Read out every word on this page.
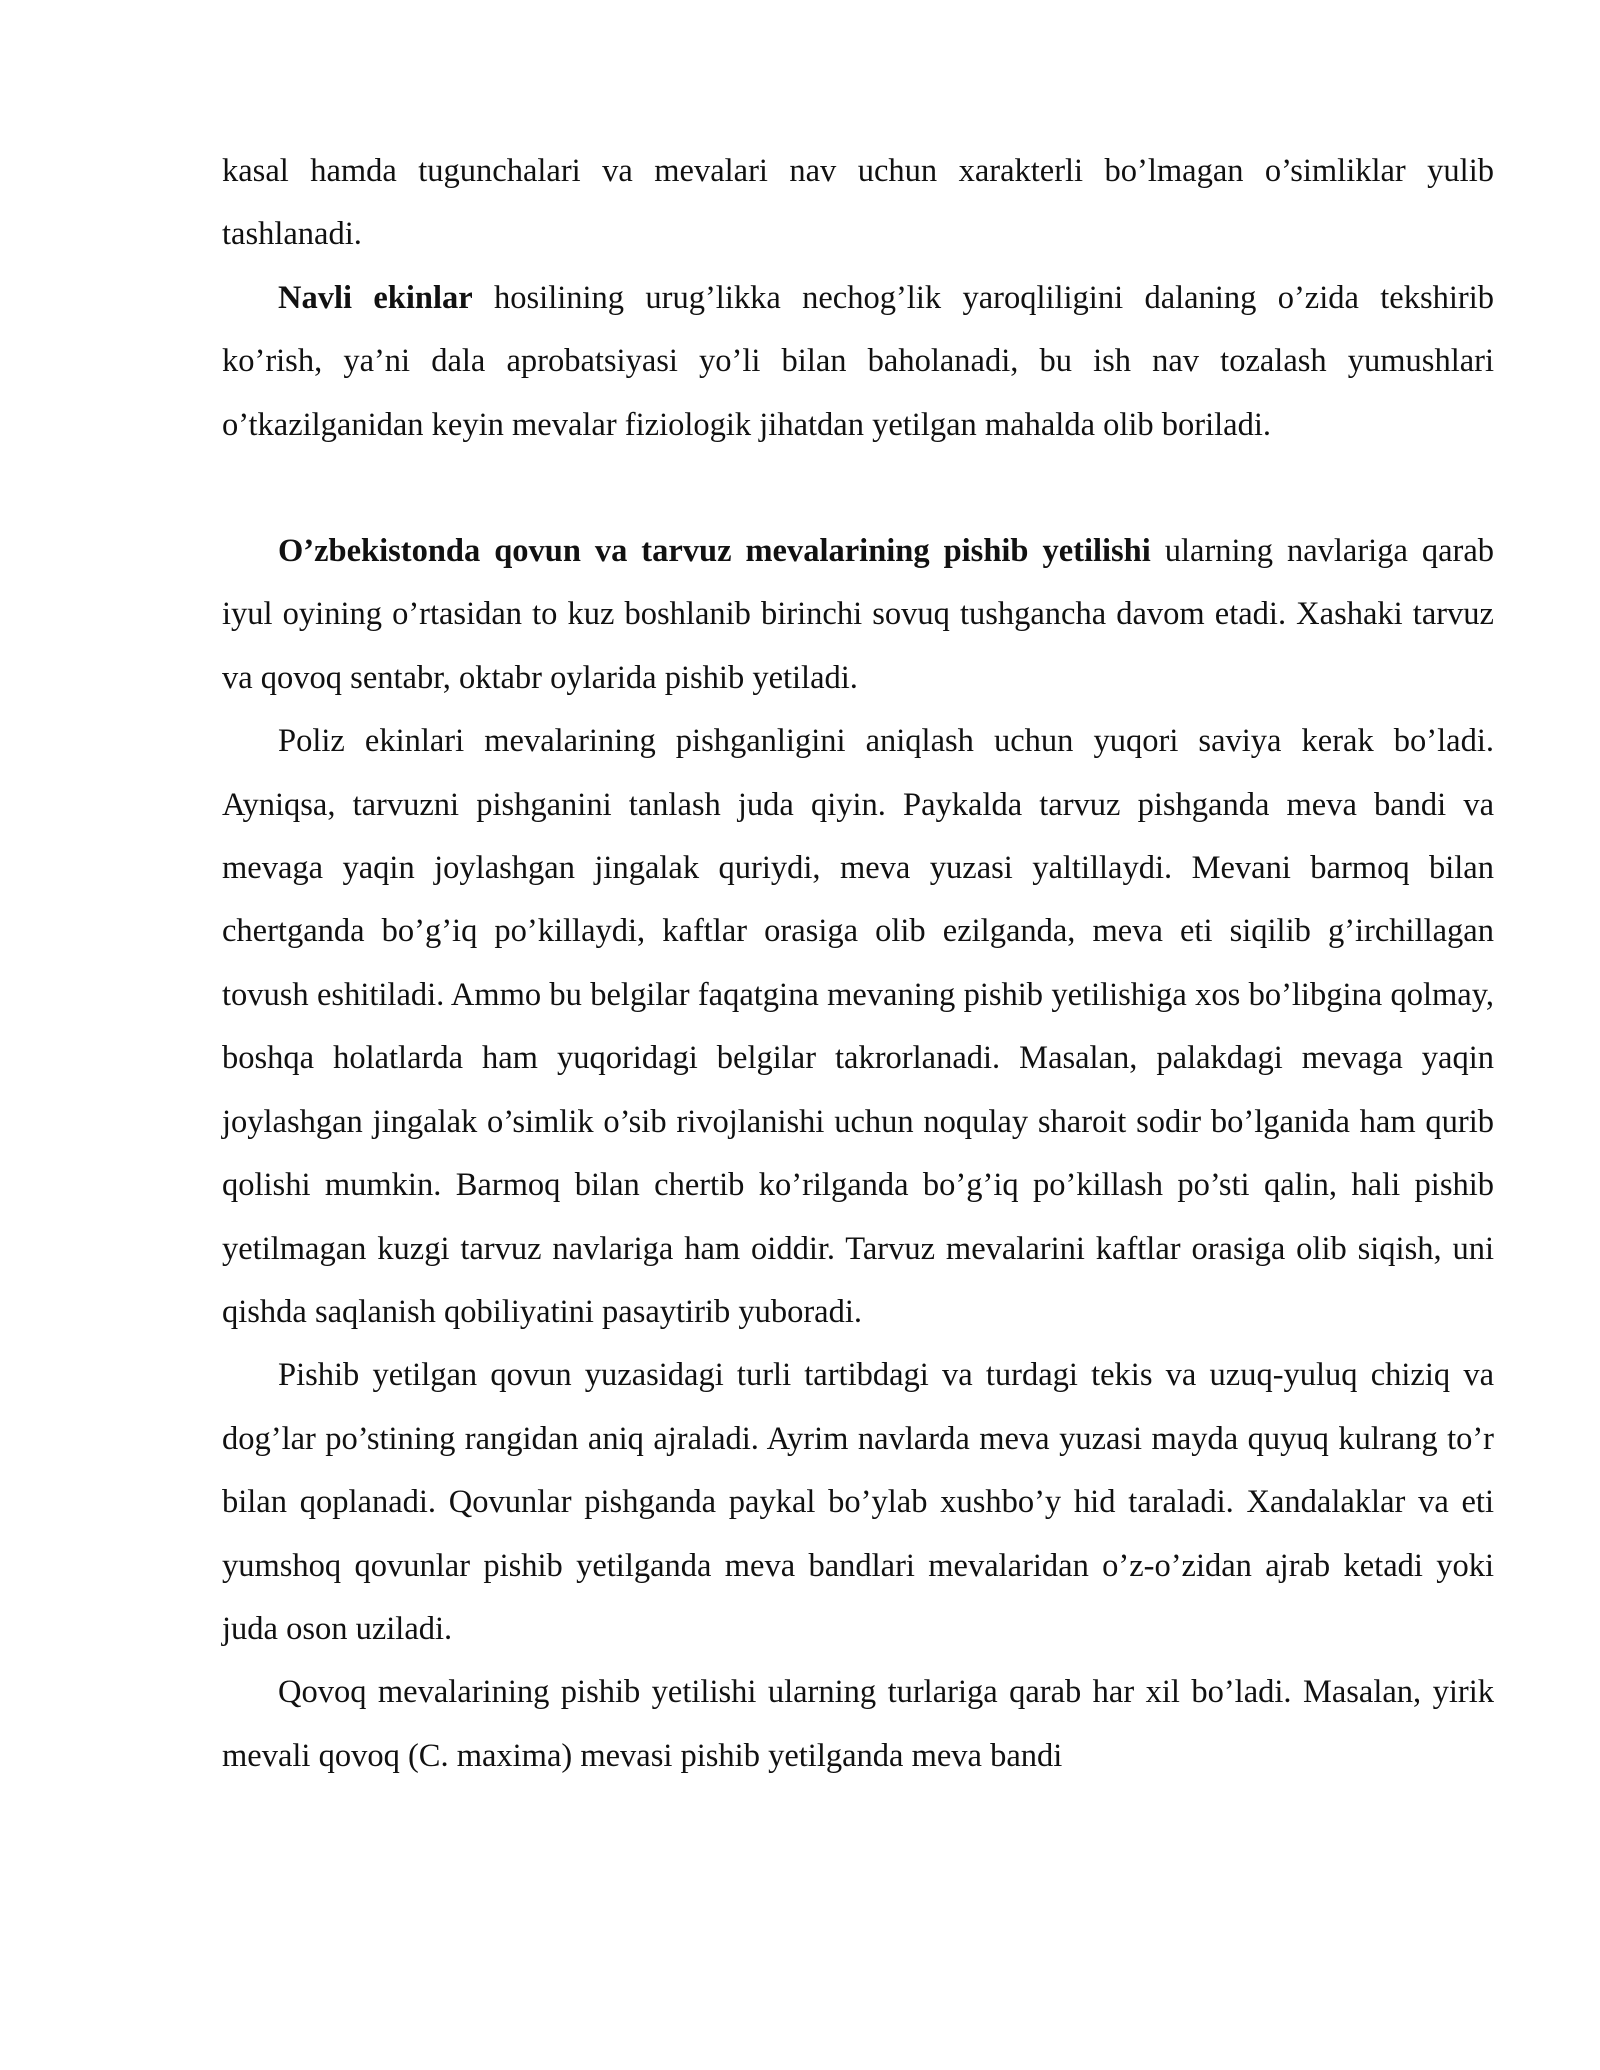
kasal hamda tugunchalari va mevalari nav uchun xarakterli bo’lmagan o’simliklar yulib tashlanadi.

Navli ekinlar hosilining urug’likka nechog’lik yaroqliligini dalaning o’zida tekshirib ko’rish, ya’ni dala aprobatsiyasi yo’li bilan baholanadi, bu ish nav tozalash yumushlari o’tkazilganidan keyin mevalar fiziologik jihatdan yetilgan mahalda olib boriladi.

O’zbekistonda qovun va tarvuz mevalarining pishib yetilishi ularning navlariga qarab iyul oyining o’rtasidan to kuz boshlanib birinchi sovuq tushgancha davom etadi. Xashaki tarvuz va qovoq sentabr, oktabr oylarida pishib yetiladi.

Poliz ekinlari mevalarining pishganligini aniqlash uchun yuqori saviya kerak bo’ladi. Ayniqsa, tarvuzni pishganini tanlash juda qiyin. Paykalda tarvuz pishganda meva bandi va mevaga yaqin joylashgan jingalak quriydi, meva yuzasi yaltillaydi. Mevani barmoq bilan chertganda bo’g’iq po’killaydi, kaftlar orasiga olib ezilganda, meva eti siqilib g’irchillagan tovush eshitiladi. Ammo bu belgilar faqatgina mevaning pishib yetilishiga xos bo’libgina qolmay, boshqa holatlarda ham yuqoridagi belgilar takrorlanadi. Masalan, palakdagi mevaga yaqin joylashgan jingalak o’simlik o’sib rivojlanishi uchun noqulay sharoit sodir bo’lganida ham qurib qolishi mumkin. Barmoq bilan chertib ko’rilganda bo’g’iq po’killash po’sti qalin, hali pishib yetilmagan kuzgi tarvuz navlariga ham oiddir. Tarvuz mevalarini kaftlar orasiga olib siqish, uni qishda saqlanish qobiliyatini pasaytirib yuboradi.

Pishib yetilgan qovun yuzasidagi turli tartibdagi va turdagi tekis va uzuq-yuluq chiziq va dog’lar po’stining rangidan aniq ajraladi. Ayrim navlarda meva yuzasi mayda quyuq kulrang to’r bilan qoplanadi. Qovunlar pishganda paykal bo’ylab xushbo’y hid taraladi. Xandalaklar va eti yumshoq qovunlar pishib yetilganda meva bandlari mevalaridan o’z-o’zidan ajrab ketadi yoki juda oson uziladi.

Qovoq mevalarining pishib yetilishi ularning turlariga qarab har xil bo’ladi. Masalan, yirik mevali qovoq (C. maxima) mevasi pishib yetilganda meva bandi
